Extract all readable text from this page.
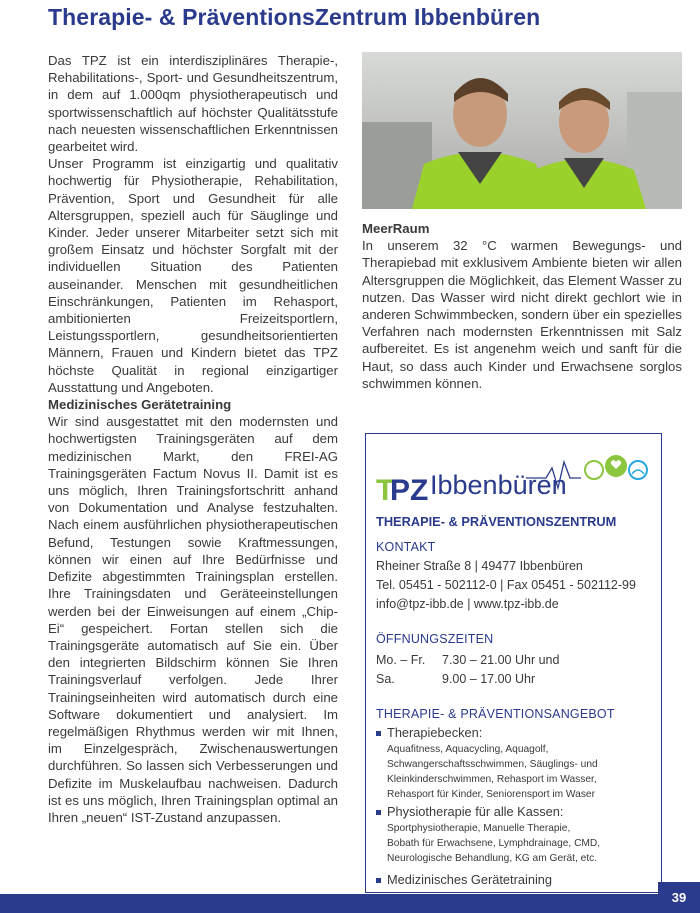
Therapie- & PräventionsZentrum Ibbenbüren

Das TPZ ist ein interdisziplinäres Therapie-, Rehabilitations-, Sport- und Gesundheitszentrum, in dem auf 1.000qm physiotherapeutisch und sportwissenschaftlich auf höchster Qualitätsstufe nach neuesten wissenschaftlichen Erkenntnissen gearbeitet wird.

Unser Programm ist einzigartig und qualitativ hochwertig für Physiotherapie, Rehabilitation, Prävention, Sport und Gesundheit für alle Altersgruppen, speziell auch für Säuglinge und Kinder. Jeder unserer Mitarbeiter setzt sich mit großem Einsatz und höchster Sorgfalt mit der individuellen Situation des Patienten auseinander. Menschen mit gesundheitlichen Einschränkungen, Patienten im Rehasport, ambitionierten Freizeitsportlern, Leistungssportlern, gesundheitsorientierten Männern, Frauen und Kindern bietet das TPZ höchste Qualität in regional einzigartiger Ausstattung und Angeboten.

Medizinisches Gerätetraining

Wir sind ausgestattet mit den modernsten und hochwertigsten Trainingsgeräten auf dem medizinischen Markt, den FREI-AG Trainingsgeräten Factum Novus II. Damit ist es uns möglich, Ihren Trainingsfortschritt anhand von Dokumentation und Analyse festzuhalten. Nach einem ausführlichen physiotherapeutischen Befund, Testungen sowie Kraftmessungen, können wir einen auf Ihre Bedürfnisse und Defizite abgestimmten Trainingsplan erstellen. Ihre Trainingsdaten und Geräteeinstellungen werden bei der Einweisungen auf einem „Chip-Ei“ gespeichert. Fortan stellen sich die Trainingsgeräte automatisch auf Sie ein. Über den integrierten Bildschirm können Sie Ihren Trainingsverlauf verfolgen. Jede Ihrer Trainingseinheiten wird automatisch durch eine Software dokumentiert und analysiert. Im regelmäßigen Rhythmus werden wir mit Ihnen, im Einzelgespräch, Zwischenauswertungen durchführen. So lassen sich Verbesserungen und Defizite im Muskelaufbau nachweisen. Dadurch ist es uns möglich, Ihren Trainingsplan optimal an Ihren „neuen“ IST-Zustand anzupassen.

MeerRaum

In unserem 32 °C warmen Bewegungs- und Therapiebad mit exklusivem Ambiente bieten wir allen Altersgruppen die Möglichkeit, das Element Wasser zu nutzen. Das Wasser wird nicht direkt gechlort wie in anderen Schwimmbecken, sondern über ein spezielles Verfahren nach modernsten Erkenntnissen mit Salz aufbereitet. Es ist angenehm weich und sanft für die Haut, so dass auch Kinder und Erwachsene sorglos schwimmen können.

T
PZ Ibbenbüren
THERAPIE- & PRÄVENTIONSZENTRUM
KONTAKT
Rheiner Straße 8 | 49477 Ibbenbüren
Tel. 05451 - 502112-0 | Fax 05451 - 502112-99
info@tpz-ibb.de | www.tpz-ibb.de
ÖFFNUNGSZEITEN
Mo. – Fr. 7.30 – 21.00 Uhr und
Sa.	9.00 – 17.00 Uhr
THERAPIE- & PRÄVENTIONSANGEBOT
Therapiebecken:
Aquafitness, Aquacycling, Aquagolf,
Schwangerschaftsschwimmen, Säuglings- und
Kleinkinderschwimmen, Rehasport im Wasser,
Rehasport für Kinder, Seniorensport im Waser
Physiotherapie für alle Kassen:
Sportphysiotherapie, Manuelle Therapie,
Bobath für Erwachsene, Lymphdrainage, CMD,
Neurologische Behandlung, KG am Gerät, etc.
Medizinisches Gerätetraining
39
